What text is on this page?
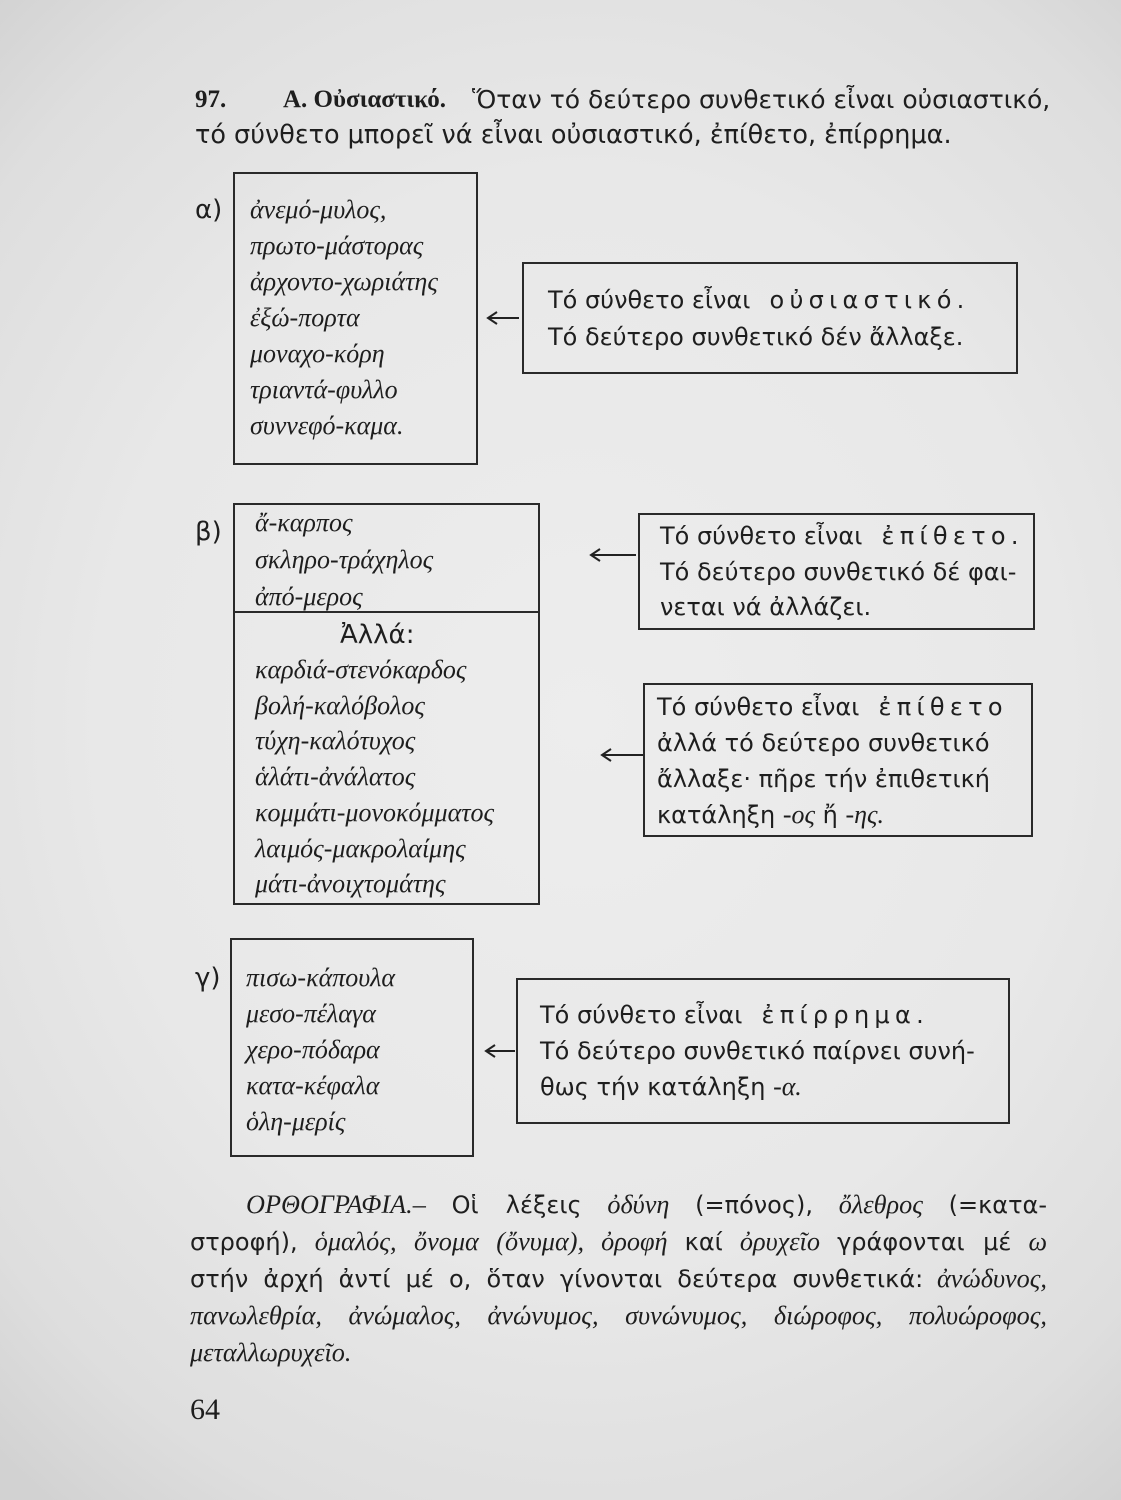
97.	Α. Οὐσιαστικό.	Ὅταν τό δεύτερο συνθετικό εἶναι οὐσιαστικό,
τό σύνθετο μπορεῖ νά εἶναι οὐσιαστικό, ἐπίθετο, ἐπίρρημα.
α) ἀνεμό-μυλος,
πρωτο-μάστορας
ἀρχοντο-χωριάτης
ἐξώ-πορτα
μοναχο-κόρη
τριαντά-φυλλο
συννεφό-καμα.
Τό σύνθετο εἶναι οὐσιαστικό.
Τό δεύτερο συνθετικό δέν ἄλλαξε.
β) ἄ-καρπος
σκληρο-τράχηλος
ἀπό-μερος
Ἀλλά:
καρδιά-στενόκαρδος
βολή-καλόβολος
τύχη-καλότυχος
ἁλάτι-ἀνάλατος
κομμάτι-μονοκόμματος
λαιμός-μακρολαίμης
μάτι-ἀνοιχτομάτης
Τό σύνθετο εἶναι ἐπίθετο.
Τό δεύτερο συνθετικό δέ φαι-
νεται νά ἀλλάζει.
Τό σύνθετο εἶναι ἐπίθετο
ἀλλά τό δεύτερο συνθετικό
ἄλλαξε· πῆρε τήν ἐπιθετική
κατάληξη -ος ἤ -ης.
γ) πισω-κάπουλα
μεσο-πέλαγα
χερο-πόδαρα
κατα-κέφαλα
ὁλη-μερίς
Τό σύνθετο εἶναι ἐπίρρημα.
Τό δεύτερο συνθετικό παίρνει συνή-
θως τήν κατάληξη -α.
ΟΡΘΟΓΡΑΦΙΑ.– Οἱ λέξεις ὀδύνη (=πόνος), ὄλεθρος (=κατα-
στροφή), ὁμαλός, ὄνομα (ὄνυμα), ὀροφή καί ὀρυχεῖο γράφονται μέ ω
στήν ἀρχή ἀντί μέ ο, ὅταν γίνονται δεύτερα συνθετικά: ἀνώδυνος,
πανωλεθρία, ἀνώμαλος, ἀνώνυμος, συνώνυμος, διώροφος, πολυώροφος,
μεταλλωρυχεῖο.
64
